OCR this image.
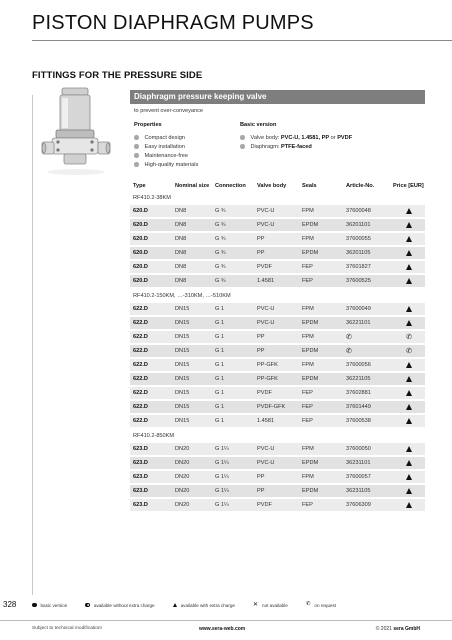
PISTON DIAPHRAGM PUMPS
FITTINGS FOR THE PRESSURE SIDE
Diaphragm pressure keeping valve
to prevent over-conveyance
Properties	Basic version
Compact design
Easy installation
Maintenance-free
High-quality materials
Valve body:
PVC-U, 1.4581, PP
or
PVDF
Diaphragm:
PTFE-faced
Type	Nominal size	Connection	Valve body	Seals	Article-No.	Price [EUR]
RF410.2-38KM
620.D	DN8	G ¾	PVC-U	FPM	37600048
620.D	DN8	G ¾	PVC-U	EPDM	36201101
620.D	DN8	G ¾	PP	FPM	37600055
620.D	DN8	G ¾	PP	EPDM	36201105
620.D	DN8	G ¾	PVDF	FEP	37601827
620.D	DN8	G ¾	1.4581	FEP	37600525
RF410.2-150KM, …-310KM, …-510KM
622.D	DN15	G 1	PVC-U	FPM	37600049
622.D	DN15	G 1	PVC-U	EPDM	36221101
622.D	DN15	G 1	PP	FPM	✆	✆
622.D	DN15	G 1	PP	EPDM	✆	✆
622.D	DN15	G 1	PP-GFK	FPM	37600056
622.D	DN15	G 1	PP-GFK	EPDM	36221105
622.D	DN15	G 1	PVDF	FEP	37602881
622.D	DN15	G 1	PVDF-GFK	FEP	37601449
622.D	DN15	G 1	1.4581	FEP	37600538
RF410.2-850KM
623.D	DN20	G 1¼	PVC-U	FPM	37600050
623.D	DN20	G 1¼	PVC-U	EPDM	36231101
623.D	DN20	G 1¼	PP	FPM	37600057
623.D	DN20	G 1¼	PP	EPDM	36231105
623.D	DN20	G 1¼	PVDF	FEP	37606309
328	basic version	available without extra charge	available with extra charge	✕ not available	✆ on request
Subject to technical modification!	www.sera-web.com	© 2021 sera GmbH
